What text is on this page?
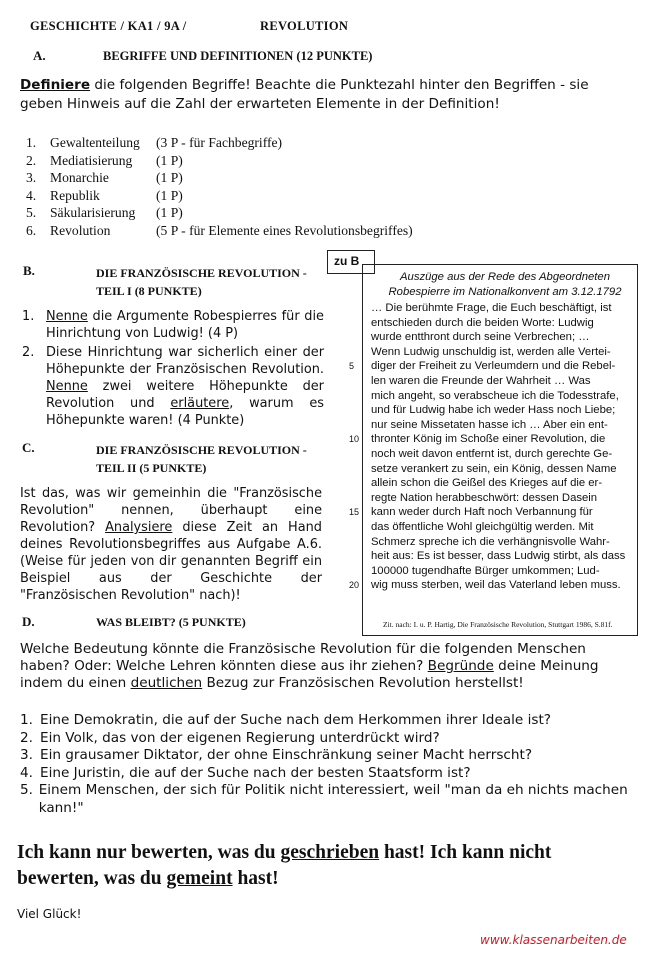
GESCHICHTE / KA1 / 9A /	REVOLUTION
A.	BEGRIFFE UND DEFINITIONEN (12 PUNKTE)
Definiere die folgenden Begriffe! Beachte die Punktezahl hinter den Begriffen - sie geben Hinweis auf die Zahl der erwarteten Elemente in der Definition!
1.	Gewaltenteilung	(3 P - für Fachbegriffe)
2.	Mediatisierung	(1 P)
3.	Monarchie	(1 P)
4.	Republik	(1 P)
5.	Säkularisierung	(1 P)
6.	Revolution	(5 P - für Elemente eines Revolutionsbegriffes)
B.	DIE FRANZÖSISCHE REVOLUTION -
TEIL I (8 PUNKTE)
Nenne die Argumente Robespierres für die Hinrichtung von Ludwig! (4 P)
1.
Diese Hinrichtung war sicherlich einer der Höhepunkte der Französischen Revolution. Nenne zwei weitere Höhepunkte der Revolution und erläutere, warum es Höhepunkte waren! (4 Punkte)
2.
C.	DIE FRANZÖSISCHE REVOLUTION -
TEIL II (5 PUNKTE)
Ist das, was wir gemeinhin die "Französische Revolution" nennen, überhaupt eine Revolution? Analysiere diese Zeit an Hand deines Revolutionsbegriffes aus Aufgabe A.6. (Weise für jeden von dir genannten Begriff ein Beispiel aus der Geschichte der "Französischen Revolution" nach)!
zu B
Auszüge aus der Rede des Abgeordneten Robespierre im Nationalkonvent am 3.12.1792
… Die berühmte Frage, die Euch beschäftigt, ist
entschieden durch die beiden Worte: Ludwig
wurde entthront durch seine Verbrechen; …
Wenn Ludwig unschuldig ist, werden alle Vertei-
5 diger der Freiheit zu Verleumdern und die Rebel-
len waren die Freunde der Wahrheit … Was
mich angeht, so verabscheue ich die Todesstrafe,
und für Ludwig habe ich weder Hass noch Liebe;
nur seine Missetaten hasse ich … Aber ein ent-
10 thronter König im Schoße einer Revolution, die
noch weit davon entfernt ist, durch gerechte Ge-
setze verankert zu sein, ein König, dessen Name
allein schon die Geißel des Krieges auf die er-
regte Nation herabbeschwört: dessen Dasein
15 kann weder durch Haft noch Verbannung für
das öffentliche Wohl gleichgültig werden. Mit
Schmerz spreche ich die verhängnisvolle Wahr-
heit aus: Es ist besser, dass Ludwig stirbt, als dass
100000 tugendhafte Bürger umkommen; Lud-
20 wig muss sterben, weil das Vaterland leben muss.
Zit. nach: I. u. P. Hartig, Die Französische Revolution, Stuttgart 1986, S.81f.
D.	WAS BLEIBT? (5 PUNKTE)
Welche Bedeutung könnte die Französische Revolution für die folgenden Menschen haben? Oder: Welche Lehren könnten diese aus ihr ziehen? Begründe deine Meinung indem du einen deutlichen Bezug zur Französischen Revolution herstellst!
1. Eine Demokratin, die auf der Suche nach dem Herkommen ihrer Ideale ist?
2. Ein Volk, das von der eigenen Regierung unterdrückt wird?
3. Ein grausamer Diktator, der ohne Einschränkung seiner Macht herrscht?
4. Eine Juristin, die auf der Suche nach der besten Staatsform ist?
5. Einem Menschen, der sich für Politik nicht interessiert, weil "man da eh nichts machen kann!"
Ich kann nur bewerten, was du geschrieben hast! Ich kann nicht bewerten, was du gemeint hast!
Viel Glück!
www.klassenarbeiten.de
